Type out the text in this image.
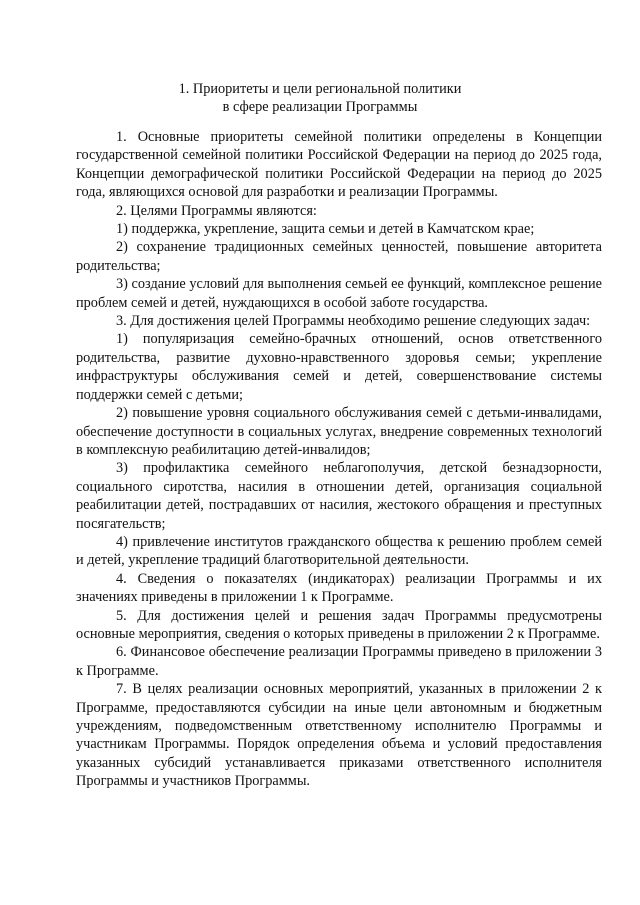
1. Приоритеты и цели региональной политики
в сфере реализации Программы

1. Основные приоритеты семейной политики определены в Концепции государственной семейной политики Российской Федерации на период до 2025 года, Концепции демографической политики Российской Федерации на период до 2025 года, являющихся основой для разработки и реализации Программы.

2. Целями Программы являются:

1) поддержка, укрепление, защита семьи и детей в Камчатском крае;

2) сохранение традиционных семейных ценностей, повышение авторитета родительства;

3) создание условий для выполнения семьей ее функций, комплексное решение проблем семей и детей, нуждающихся в особой заботе государства.

3. Для достижения целей Программы необходимо решение следующих задач:

1) популяризация семейно-брачных отношений, основ ответственного родительства, развитие духовно-нравственного здоровья семьи; укрепление инфраструктуры обслуживания семей и детей, совершенствование системы поддержки семей с детьми;

2) повышение уровня социального обслуживания семей с детьми-инвалидами, обеспечение доступности в социальных услугах, внедрение современных технологий в комплексную реабилитацию детей-инвалидов;

3) профилактика семейного неблагополучия, детской безнадзорности, социального сиротства, насилия в отношении детей, организация социальной реабилитации детей, пострадавших от насилия, жестокого обращения и преступных посягательств;

4) привлечение институтов гражданского общества к решению проблем семей и детей, укрепление традиций благотворительной деятельности.

4. Сведения о показателях (индикаторах) реализации Программы и их значениях приведены в приложении 1 к Программе.

5. Для достижения целей и решения задач Программы предусмотрены основные мероприятия, сведения о которых приведены в приложении 2 к Программе.

6. Финансовое обеспечение реализации Программы приведено в приложении 3 к Программе.

7. В целях реализации основных мероприятий, указанных в приложении 2 к Программе, предоставляются субсидии на иные цели автономным и бюджетным учреждениям, подведомственным ответственному исполнителю Программы и участникам Программы. Порядок определения объема и условий предоставления указанных субсидий устанавливается приказами ответственного исполнителя Программы и участников Программы.
